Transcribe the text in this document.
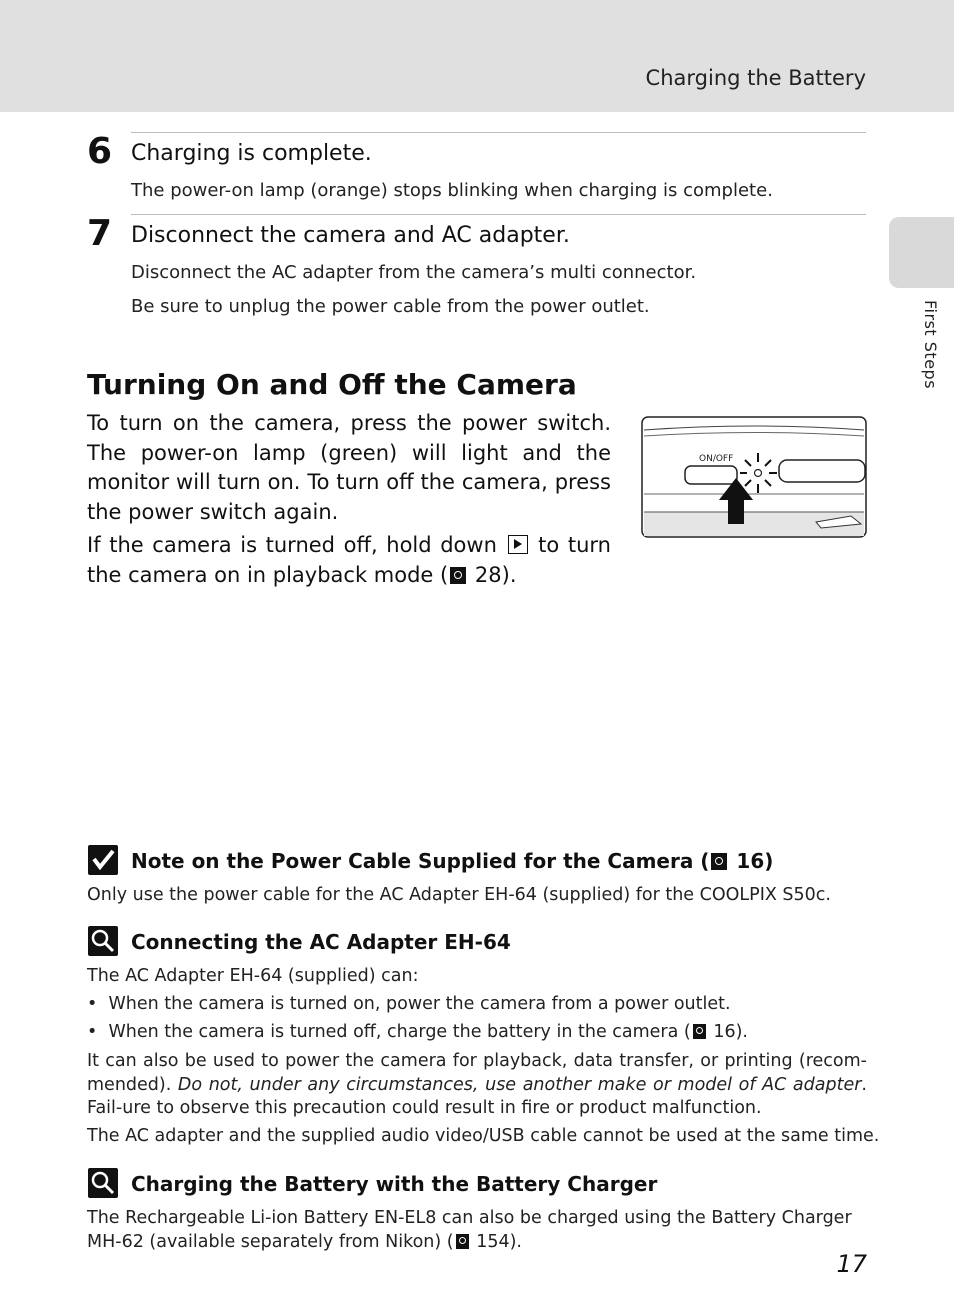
Charging the Battery
First Steps
6 Charging is complete.
The power-on lamp (orange) stops blinking when charging is complete.
7 Disconnect the camera and AC adapter.
Disconnect the AC adapter from the camera’s multi connector.
Be sure to unplug the power cable from the power outlet.
Turning On and Off the Camera
To turn on the camera, press the power switch. The power-on lamp (green) will light and the monitor will turn on. To turn off the camera, press the power switch again.
If the camera is turned off, hold down to turn the camera on in playback mode ( 28).
ON/OFF
Note on the Power Cable Supplied for the Camera ( 16)
Only use the power cable for the AC Adapter EH-64 (supplied) for the COOLPIX S50c.
Connecting the AC Adapter EH-64
The AC Adapter EH-64 (supplied) can:
•  When the camera is turned on, power the camera from a power outlet.
•  When the camera is turned off, charge the battery in the camera ( 16).
It can also be used to power the camera for playback, data transfer, or printing (recom-mended). Do not, under any circumstances, use another make or model of AC adapter. Fail-ure to observe this precaution could result in fire or product malfunction.
The AC adapter and the supplied audio video/USB cable cannot be used at the same time.
Charging the Battery with the Battery Charger
The Rechargeable Li-ion Battery EN-EL8 can also be charged using the Battery Charger MH-62 (available separately from Nikon) ( 154).
17
